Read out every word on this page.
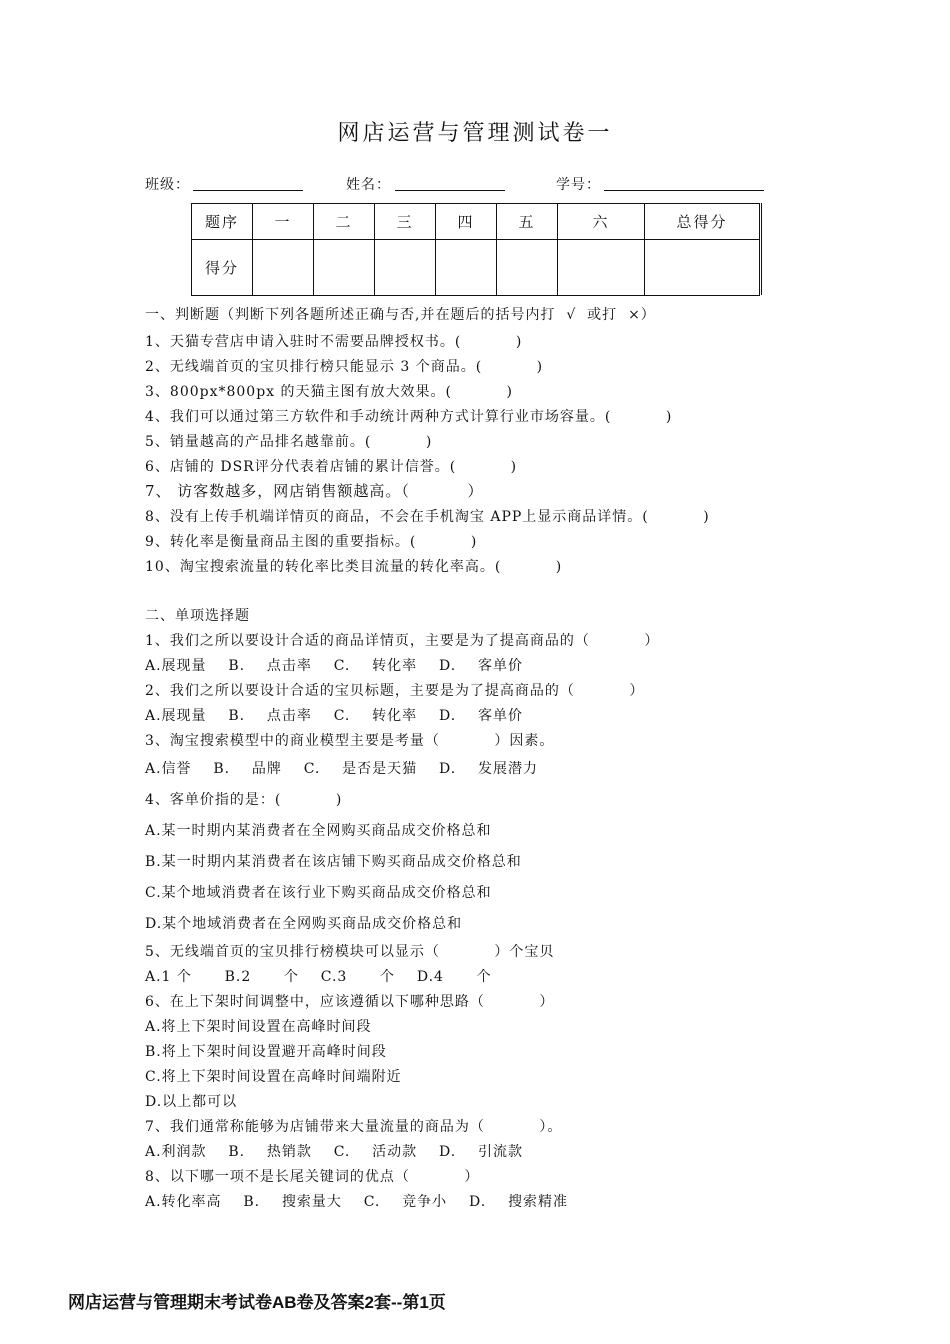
网店运营与管理测试卷一
班级：	姓名：	学号：
题序	一	二	三	四	五	六	总得分
得分							
一、判断题（判断下列各题所述正确与否,并在题后的括号内打  √  或打  ×）
1、天猫专营店申请入驻时不需要品牌授权书。(          )
2、无线端首页的宝贝排行榜只能显示 3 个商品。(          )
3、800px*800px 的天猫主图有放大效果。(          )
4、我们可以通过第三方软件和手动统计两种方式计算行业市场容量。(          )
5、销量越高的产品排名越靠前。(          )
6、店铺的 DSR评分代表着店铺的累计信誉。(          )
7、 访客数越多，网店销售额越高。（          ）
8、没有上传手机端详情页的商品，不会在手机淘宝 APP上显示商品详情。(          )
9、转化率是衡量商品主图的重要指标。(          )
10、淘宝搜索流量的转化率比类目流量的转化率高。(          )
二、单项选择题
1、我们之所以要设计合适的商品详情页，主要是为了提高商品的（          ）
A.展现量    B.    点击率    C.    转化率    D.    客单价
2、我们之所以要设计合适的宝贝标题，主要是为了提高商品的（          ）
A.展现量    B.    点击率    C.    转化率    D.    客单价
3、淘宝搜索模型中的商业模型主要是考量（          ）因素。
A.信誉    B.    品牌    C.    是否是天猫    D.    发展潜力
4、客单价指的是：(          )
A.某一时期内某消费者在全网购买商品成交价格总和
B.某一时期内某消费者在该店铺下购买商品成交价格总和
C.某个地域消费者在该行业下购买商品成交价格总和
D.某个地域消费者在全网购买商品成交价格总和
5、无线端首页的宝贝排行榜模块可以显示（          ）个宝贝
A.1 个      B.2      个    C.3      个    D.4      个
6、在上下架时间调整中，应该遵循以下哪种思路（          ）
A.将上下架时间设置在高峰时间段
B.将上下架时间设置避开高峰时间段
C.将上下架时间设置在高峰时间端附近
D.以上都可以
7、我们通常称能够为店铺带来大量流量的商品为（          ）。
A.利润款    B.    热销款    C.    活动款    D.    引流款
8、以下哪一项不是长尾关键词的优点（          ）
A.转化率高    B.    搜索量大    C.    竞争小    D.    搜索精准
网店运营与管理期末考试卷AB卷及答案2套--第1页
